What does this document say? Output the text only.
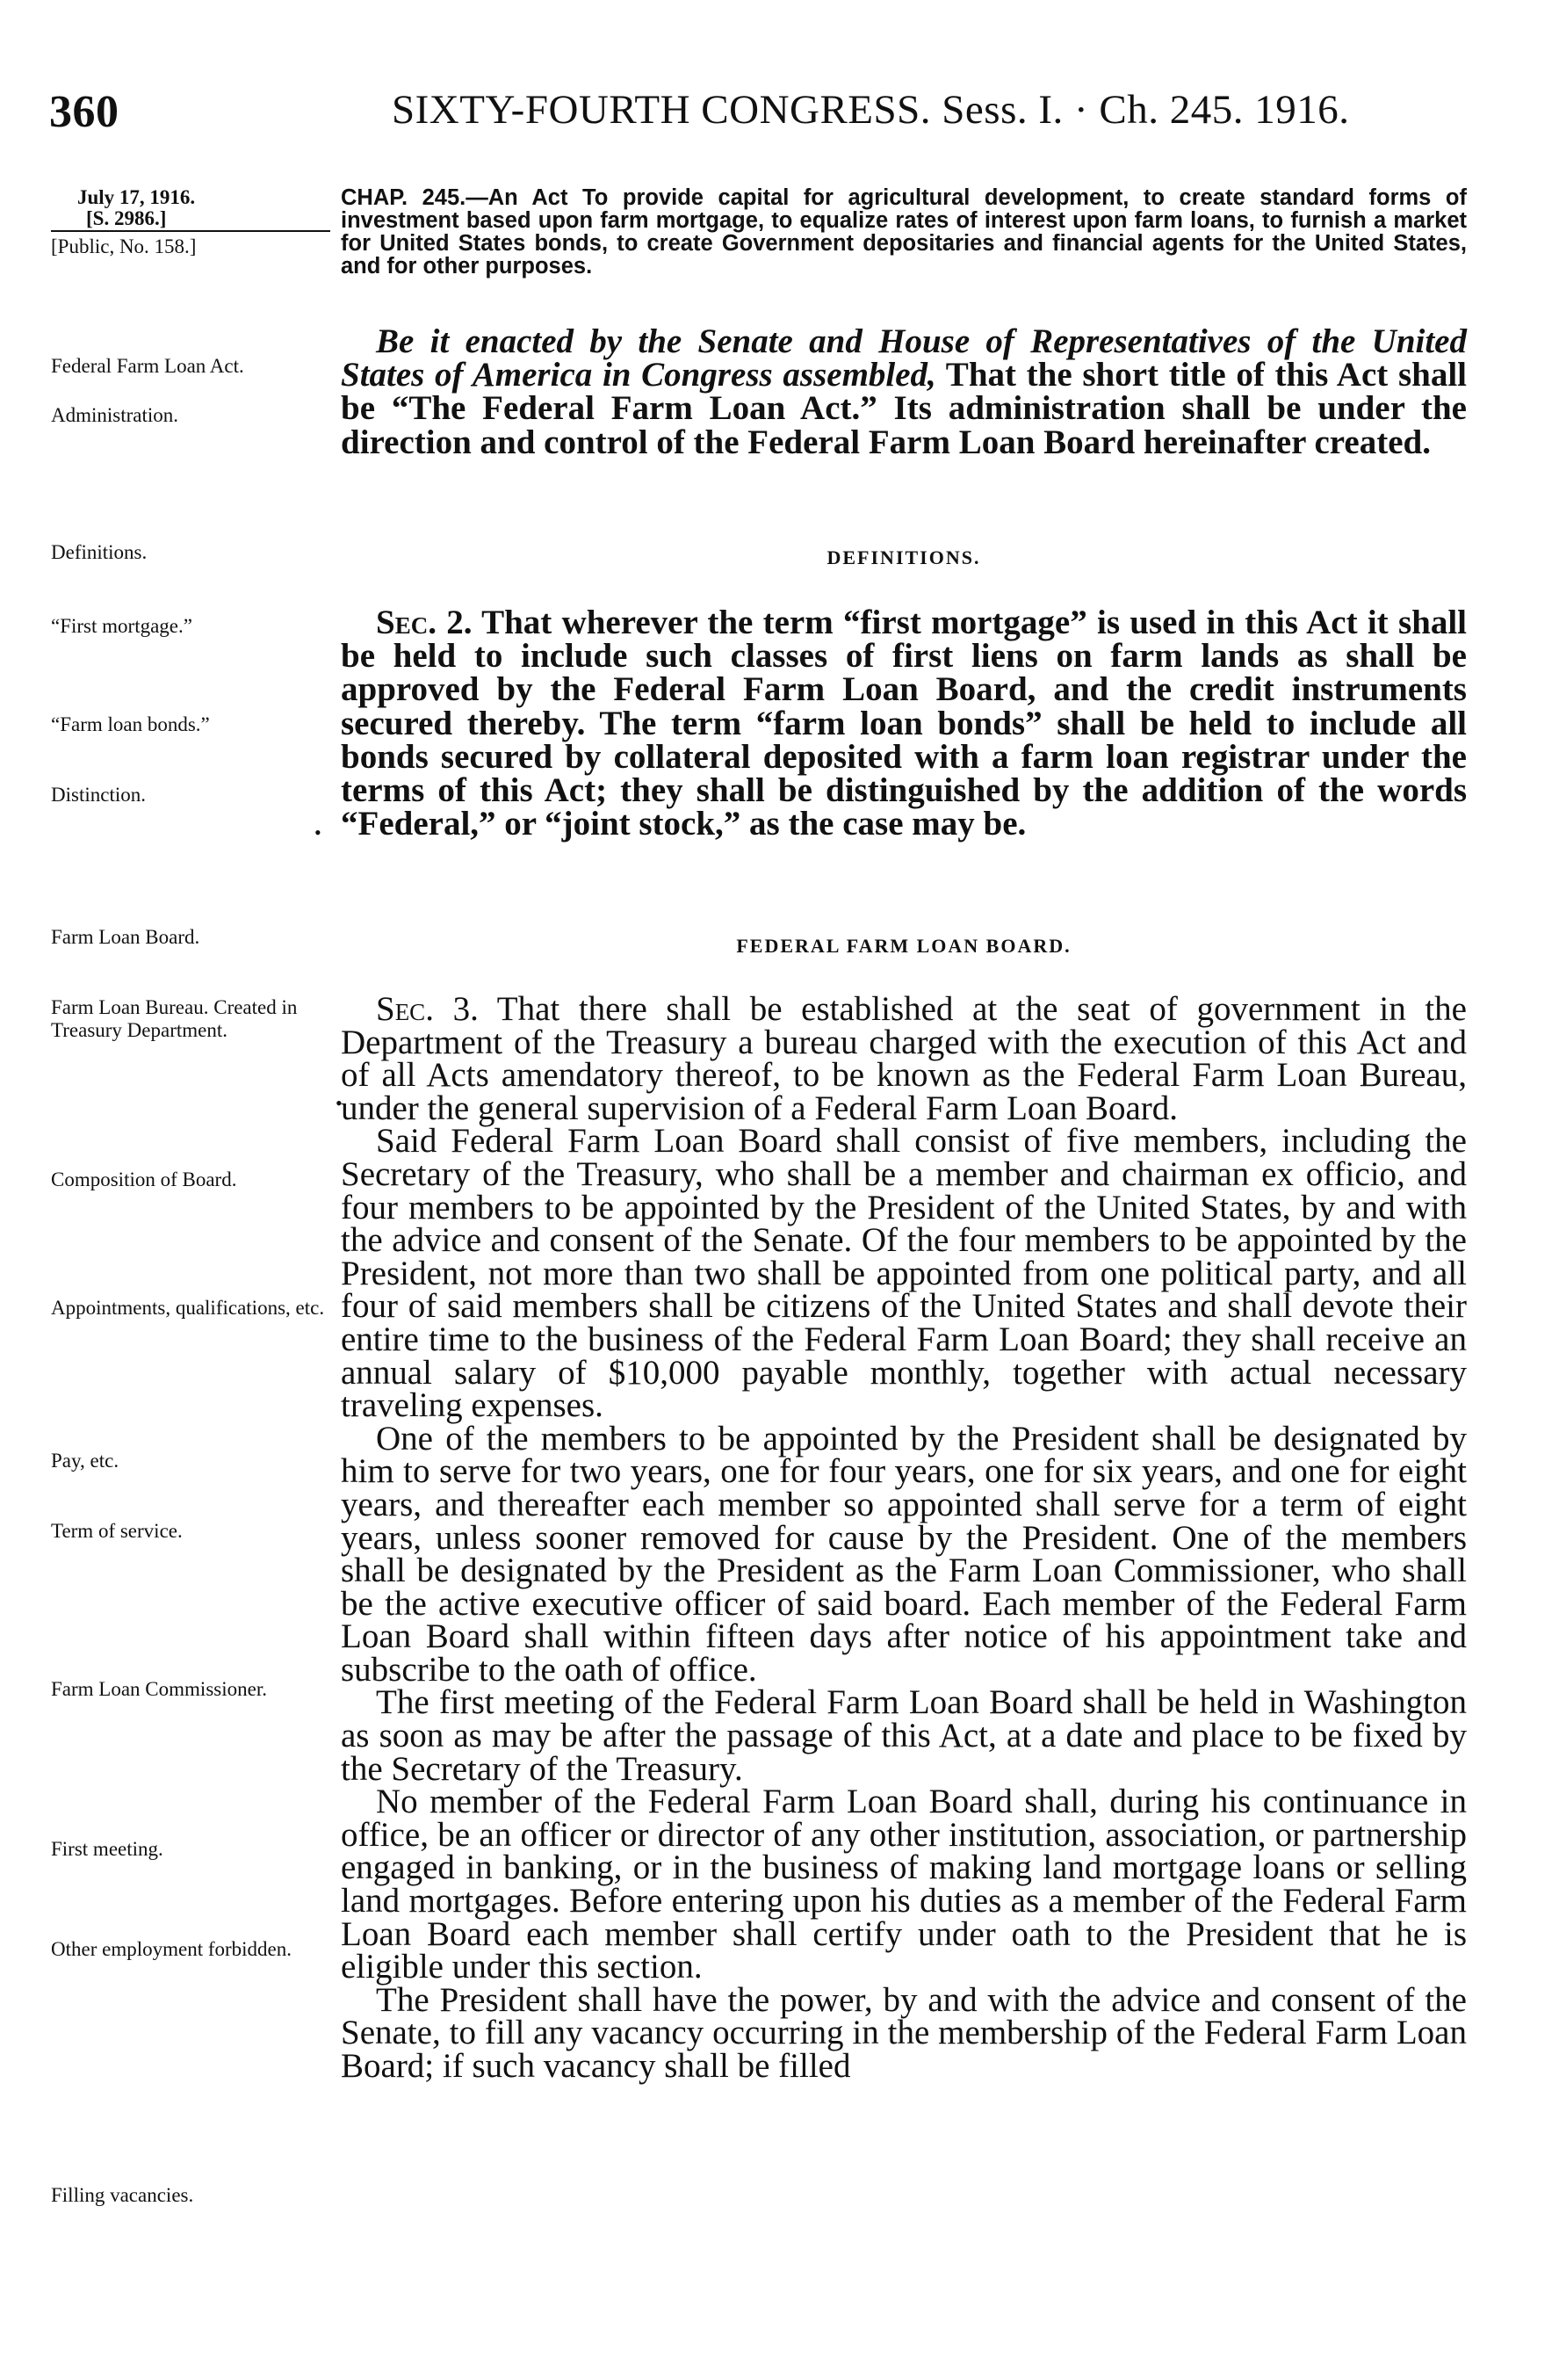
360	SIXTY-FOURTH CONGRESS. Sess. I. · Ch. 245. 1916.
July 17, 1916.
[S. 2986.]
[Public, No. 158.]
Federal Farm Loan Act.
Administration.
Definitions.
“First mortgage.”
“Farm loan bonds.”
Distinction.
Farm Loan Board.
Farm Loan Bureau. Created in Treasury Department.
Composition of Board.
Appointments, qualifications, etc.
Pay, etc.
Term of service.
Farm Loan Commissioner.
First meeting.
Other employment forbidden.
Filling vacancies.
CHAP. 245.—An Act To provide capital for agricultural development, to create standard forms of investment based upon farm mortgage, to equalize rates of interest upon farm loans, to furnish a market for United States bonds, to create Government depositaries and financial agents for the United States, and for other purposes.

Be it enacted by the Senate and House of Representatives of the United States of America in Congress assembled, That the short title of this Act shall be “The Federal Farm Loan Act.” Its administration shall be under the direction and control of the Federal Farm Loan Board hereinafter created.

DEFINITIONS.

Sec. 2. That wherever the term “first mortgage” is used in this Act it shall be held to include such classes of first liens on farm lands as shall be approved by the Federal Farm Loan Board, and the credit instruments secured thereby. The term “farm loan bonds” shall be held to include all bonds secured by collateral deposited with a farm loan registrar under the terms of this Act; they shall be distinguished by the addition of the words “Federal,” or “joint stock,” as the case may be.

FEDERAL FARM LOAN BOARD.

Sec. 3. That there shall be established at the seat of government in the Department of the Treasury a bureau charged with the execution of this Act and of all Acts amendatory thereof, to be known as the Federal Farm Loan Bureau, under the general supervision of a Federal Farm Loan Board.

Said Federal Farm Loan Board shall consist of five members, including the Secretary of the Treasury, who shall be a member and chairman ex officio, and four members to be appointed by the President of the United States, by and with the advice and consent of the Senate. Of the four members to be appointed by the President, not more than two shall be appointed from one political party, and all four of said members shall be citizens of the United States and shall devote their entire time to the business of the Federal Farm Loan Board; they shall receive an annual salary of $10,000 payable monthly, together with actual necessary traveling expenses.

One of the members to be appointed by the President shall be designated by him to serve for two years, one for four years, one for six years, and one for eight years, and thereafter each member so appointed shall serve for a term of eight years, unless sooner removed for cause by the President. One of the members shall be designated by the President as the Farm Loan Commissioner, who shall be the active executive officer of said board. Each member of the Federal Farm Loan Board shall within fifteen days after notice of his appointment take and subscribe to the oath of office.

The first meeting of the Federal Farm Loan Board shall be held in Washington as soon as may be after the passage of this Act, at a date and place to be fixed by the Secretary of the Treasury.

No member of the Federal Farm Loan Board shall, during his continuance in office, be an officer or director of any other institution, association, or partnership engaged in banking, or in the business of making land mortgage loans or selling land mortgages. Before entering upon his duties as a member of the Federal Farm Loan Board each member shall certify under oath to the President that he is eligible under this section.

The President shall have the power, by and with the advice and consent of the Senate, to fill any vacancy occurring in the membership of the Federal Farm Loan Board; if such vacancy shall be filled

•
•
